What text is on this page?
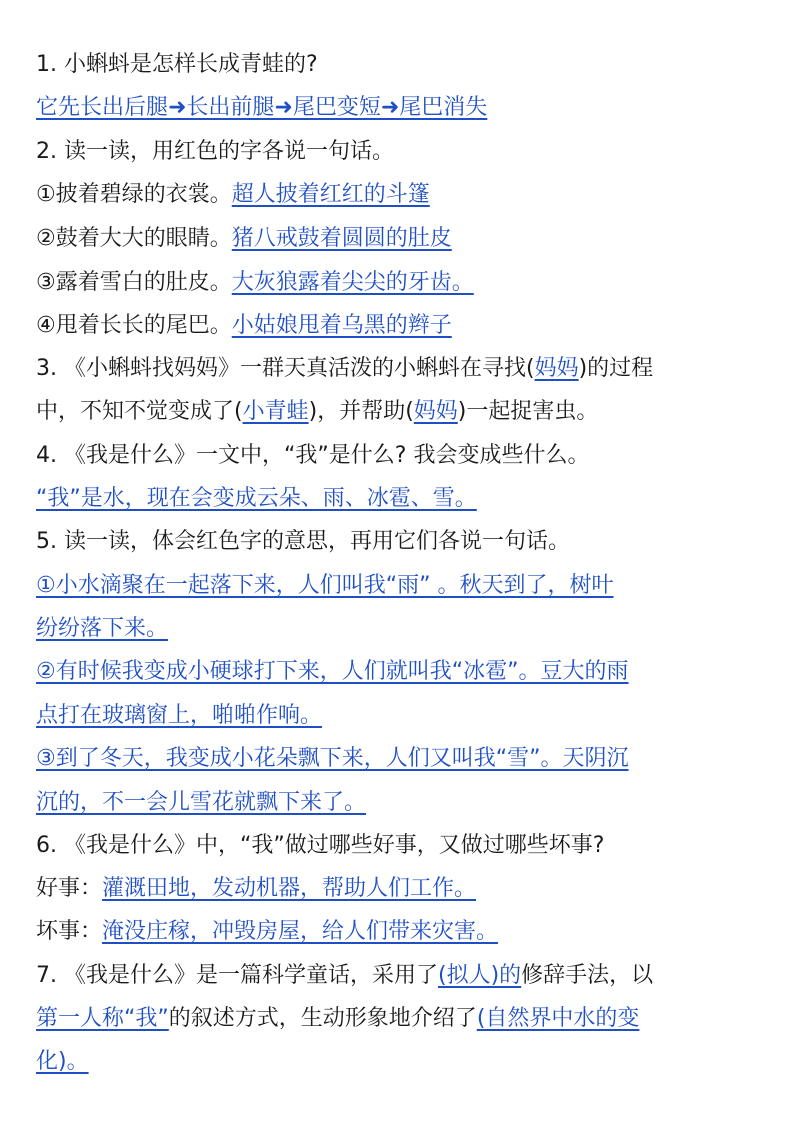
1. 小蝌蚪是怎样长成青蛙的?
它先长出后腿➜长出前腿➜尾巴变短➜尾巴消失
2. 读一读，用红色的字各说一句话。
①披着碧绿的衣裳。超人披着红红的斗篷
②鼓着大大的眼睛。猪八戒鼓着圆圆的肚皮
③露着雪白的肚皮。大灰狼露着尖尖的牙齿。
④甩着长长的尾巴。小姑娘甩着乌黑的辫子
3. 《小蝌蚪找妈妈》一群天真活泼的小蝌蚪在寻找(妈妈)的过程
中，不知不觉变成了(小青蛙)，并帮助(妈妈)一起捉害虫。
4. 《我是什么》一文中，“我”是什么? 我会变成些什么。
“我”是水，现在会变成云朵、雨、冰雹、雪。
5. 读一读，体会红色字的意思，再用它们各说一句话。
①小水滴聚在一起落下来，人们叫我“雨” 。秋天到了，树叶
纷纷落下来。
②有时候我变成小硬球打下来，人们就叫我“冰雹”。豆大的雨
点打在玻璃窗上，啪啪作响。
③到了冬天，我变成小花朵飘下来，人们又叫我“雪”。天阴沉
沉的，不一会儿雪花就飘下来了。
6. 《我是什么》中，“我”做过哪些好事，又做过哪些坏事?
好事：灌溉田地，发动机器，帮助人们工作。
坏事：淹没庄稼，冲毁房屋，给人们带来灾害。
7. 《我是什么》是一篇科学童话，采用了(拟人)的修辞手法，以
第一人称“我”的叙述方式，生动形象地介绍了(自然界中水的变
化)。
